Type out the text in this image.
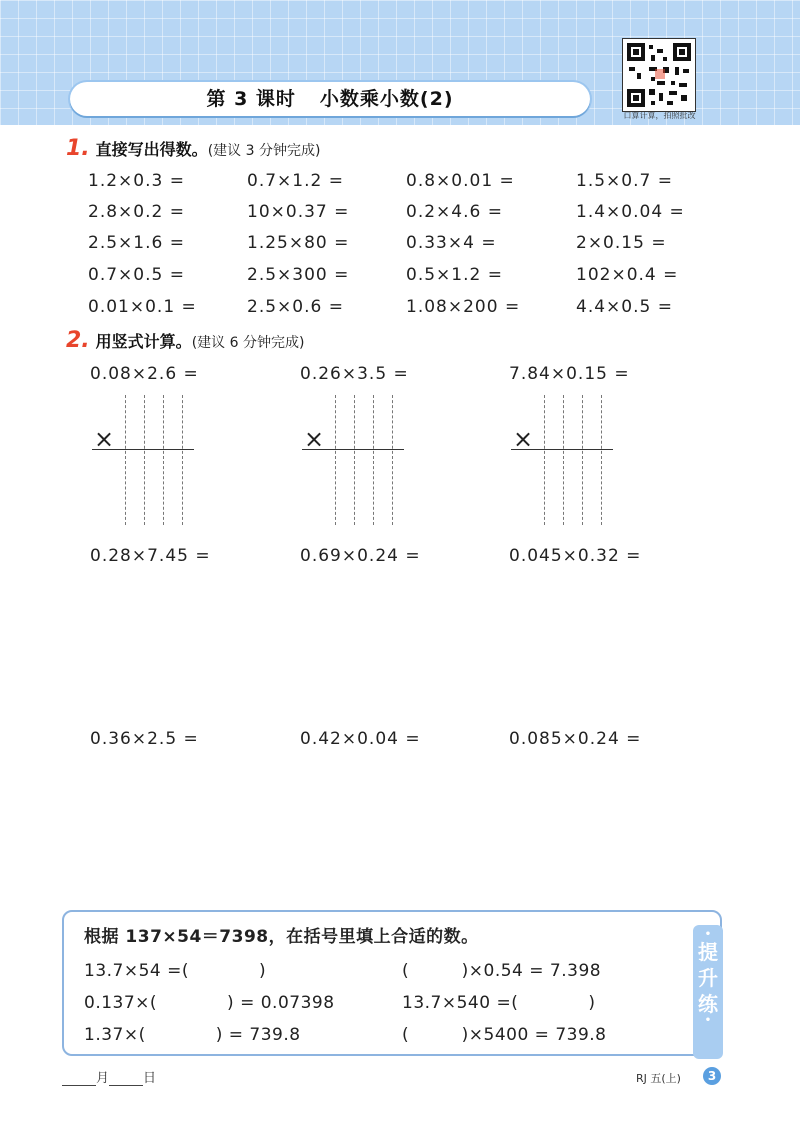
第 3 课时 小数乘小数(2)
口算计算，拍照批改
1. 直接写出得数。(建议 3 分钟完成)
1.2×0.3 =	0.7×1.2 =	0.8×0.01 =	1.5×0.7 =
2.8×0.2 =	10×0.37 =	0.2×4.6 =	1.4×0.04 =
2.5×1.6 =	1.25×80 =	0.33×4 =	2×0.15 =
0.7×0.5 =	2.5×300 =	0.5×1.2 =	102×0.4 =
0.01×0.1 =	2.5×0.6 =	1.08×200 =	4.4×0.5 =
2. 用竖式计算。(建议 6 分钟完成)
0.08×2.6 =	0.26×3.5 =	7.84×0.15 =
×	×	×
0.28×7.45 =	0.69×0.24 =	0.045×0.32 =
0.36×2.5 =	0.42×0.04 =	0.085×0.24 =
•
提
升
练
•
根据 137×54＝7398，在括号里填上合适的数。
13.7×54 =(　　　　)	(　　　)×0.54 = 7.398
0.137×(　　　　) = 0.07398	13.7×540 =(　　　　)
1.37×(　　　　) = 739.8	(　　　)×5400 = 739.8
月	日	RJ 五(上)	3
